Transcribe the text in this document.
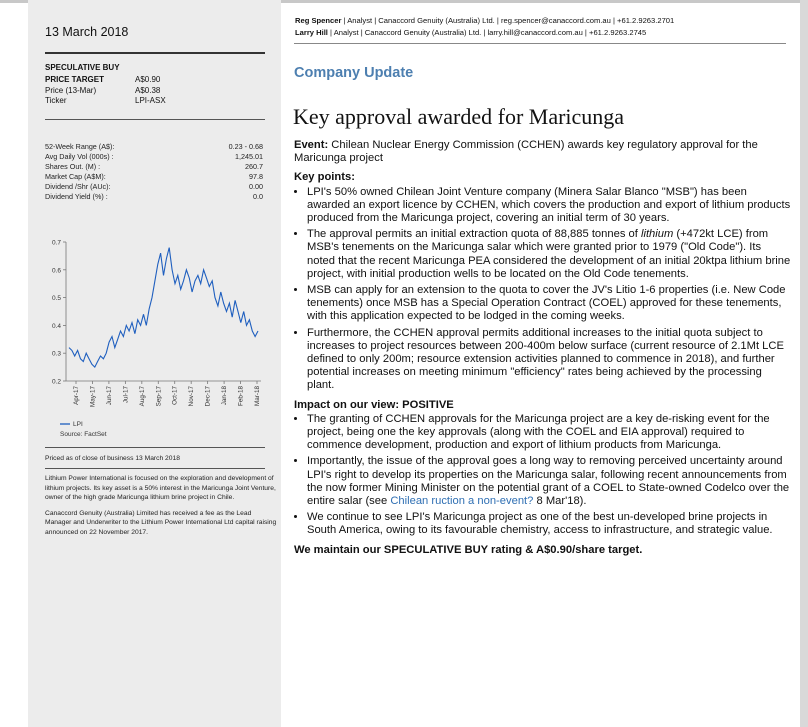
13 March 2018
SPECULATIVE BUY
PRICE TARGET	A$0.90
Price (13-Mar)	A$0.38
Ticker	LPI-ASX
52-Week Range (A$):	0.23 - 0.68
Avg Daily Vol (000s) :	1,245.01
Shares Out. (M) :	260.7
Market Cap (A$M):	97.8
Dividend /Shr (AUc):	0.00
Dividend Yield (%) :	0.0
0.7
0.6
0.5
0.4
0.3
0.2
Apr-17 May-17 Jun-17 Jul-17 Aug-17 Sep-17 Oct-17 Nov-17 Dec-17 Jan-18 Feb-18 Mar-18
LPI
Source: FactSet
Priced as of close of business 13 March 2018

Lithium Power International is focused on the exploration and development of lithium projects. Its key asset is a 50% interest in the Maricunga Joint Venture, owner of the high grade Maricunga lithium brine project in Chile.

Canaccord Genuity (Australia) Limited has received a fee as the Lead Manager and Underwriter to the Lithium Power International Ltd capital raising announced on 22 November 2017.

Reg Spencer | Analyst | Canaccord Genuity (Australia) Ltd. | reg.spencer@canaccord.com.au | +61.2.9263.2701
Larry Hill | Analyst | Canaccord Genuity (Australia) Ltd. | larry.hill@canaccord.com.au | +61.2.9263.2745
Company Update
Key approval awarded for Maricunga

Event: Chilean Nuclear Energy Commission (CCHEN) awards key regulatory approval for the Maricunga project

Key points:

• LPI's 50% owned Chilean Joint Venture company (Minera Salar Blanco "MSB") has been awarded an export licence by CCHEN, which covers the production and export of lithium products produced from the Maricunga project, covering an initial term of 30 years.
• The approval permits an initial extraction quota of 88,885 tonnes of lithium (+472kt LCE) from MSB's tenements on the Maricunga salar which were granted prior to 1979 ("Old Code"). Its noted that the recent Maricunga PEA considered the development of an initial 20ktpa lithium brine project, with initial production wells to be located on the Old Code tenements.
• MSB can apply for an extension to the quota to cover the JV's Litio 1-6 properties (i.e. New Code tenements) once MSB has a Special Operation Contract (COEL) approved for these tenements, with this application expected to be lodged in the coming weeks.
• Furthermore, the CCHEN approval permits additional increases to the initial quota subject to increases to project resources between 200-400m below surface (current resource of 2.1Mt LCE defined to only 200m; resource extension activities planned to commence in 2018), and further potential increases on meeting minimum "efficiency" rates being achieved by the processing plant.

Impact on our view: POSITIVE

• The granting of CCHEN approvals for the Maricunga project are a key de-risking event for the project, being one the key approvals (along with the COEL and EIA approval) required to commence development, production and export of lithium products from Maricunga.
• Importantly, the issue of the approval goes a long way to removing perceived uncertainty around LPI's right to develop its properties on the Maricunga salar, following recent announcements from the now former Mining Minister on the potential grant of a COEL to State-owned Codelco over the entire salar (see Chilean ruction a non-event? 8 Mar'18).
• We continue to see LPI's Maricunga project as one of the best un-developed brine projects in South America, owing to its favourable chemistry, access to infrastructure, and strategic value.

We maintain our SPECULATIVE BUY rating & A$0.90/share target.
